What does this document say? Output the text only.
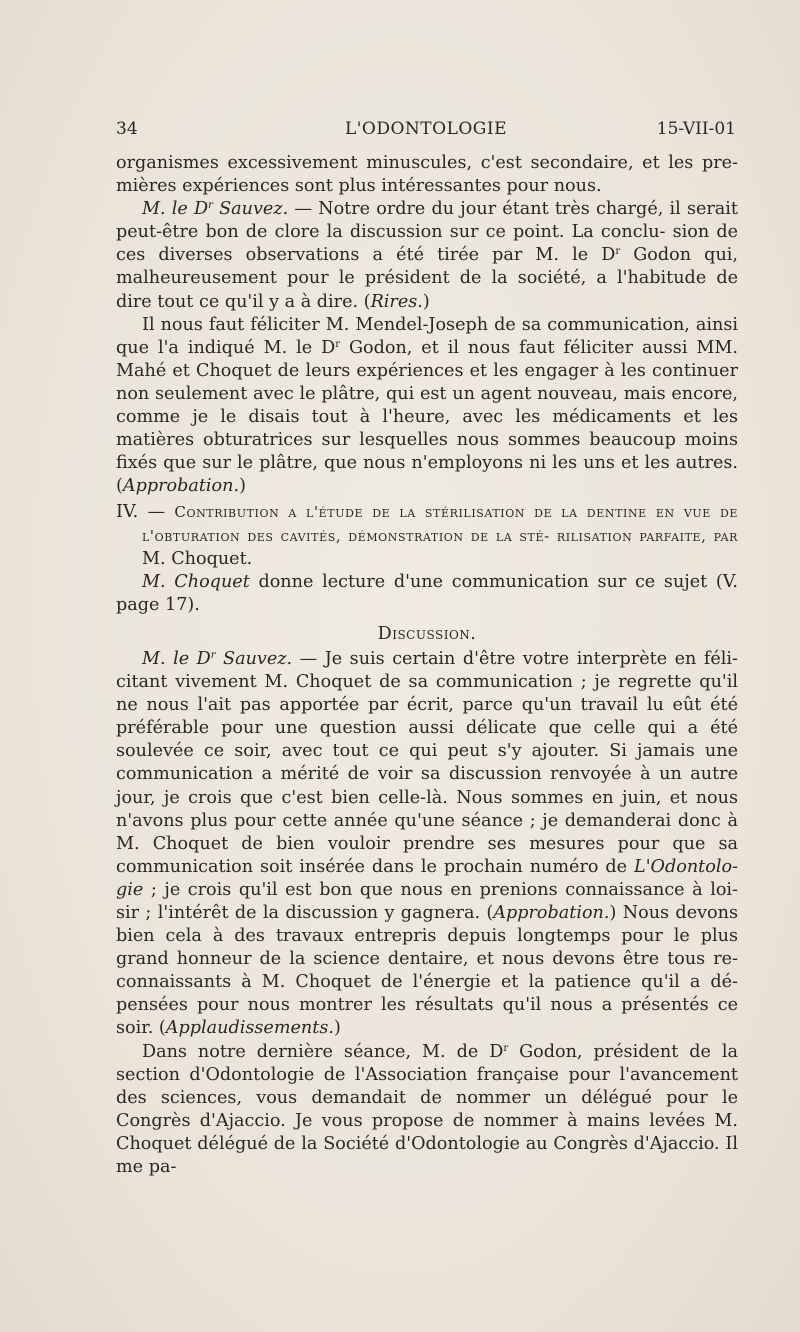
34	L'ODONTOLOGIE	15-VII-01

organismes excessivement minuscules, c'est secondaire, et les pre- mières expériences sont plus intéressantes pour nous.

M. le $D^r$ Sauvez. — Notre ordre du jour étant très chargé, il serait peut-être bon de clore la discussion sur ce point. La conclu- sion de ces diverses observations a été tirée par M. le $D^r$ Godon qui, malheureusement pour le président de la société, a l'habitude de dire tout ce qu'il y a à dire. (Rires.)

Il nous faut féliciter M. Mendel-Joseph de sa communication, ainsi que l'a indiqué M. le $D^r$ Godon, et il nous faut féliciter aussi MM. Mahé et Choquet de leurs expériences et les engager à les continuer non seulement avec le plâtre, qui est un agent nouveau, mais encore, comme je le disais tout à l'heure, avec les médicaments et les matières obturatrices sur lesquelles nous sommes beaucoup moins fixés que sur le plâtre, que nous n'employons ni les uns et les autres. (Approbation.)

IV. — Contribution a l'étude de la stérilisation de la dentine en vue de l'obturation des cavités, démonstration de la sté- rilisation parfaite, par M. Choquet.

M. Choquet donne lecture d'une communication sur ce sujet (V. page 17).

Discussion.

M. le $D^r$ Sauvez. — Je suis certain d'être votre interprète en féli- citant vivement M. Choquet de sa communication ; je regrette qu'il ne nous l'ait pas apportée par écrit, parce qu'un travail lu eût été préférable pour une question aussi délicate que celle qui a été soulevée ce soir, avec tout ce qui peut s'y ajouter. Si jamais une communication a mérité de voir sa discussion renvoyée à un autre jour, je crois que c'est bien celle-là. Nous sommes en juin, et nous n'avons plus pour cette année qu'une séance ; je demanderai donc à M. Choquet de bien vouloir prendre ses mesures pour que sa communication soit insérée dans le prochain numéro de L'Odontolo- gie ; je crois qu'il est bon que nous en prenions connaissance à loi- sir ; l'intérêt de la discussion y gagnera. (Approbation.) Nous devons bien cela à des travaux entrepris depuis longtemps pour le plus grand honneur de la science dentaire, et nous devons être tous re- connaissants à M. Choquet de l'énergie et la patience qu'il a dé- pensées pour nous montrer les résultats qu'il nous a présentés ce soir. (Applaudissements.)

Dans notre dernière séance, M. de $D^r$ Godon, président de la section d'Odontologie de l'Association française pour l'avancement des sciences, vous demandait de nommer un délégué pour le Congrès d'Ajaccio. Je vous propose de nommer à mains levées M. Choquet délégué de la Société d'Odontologie au Congrès d'Ajaccio. Il me pa-
